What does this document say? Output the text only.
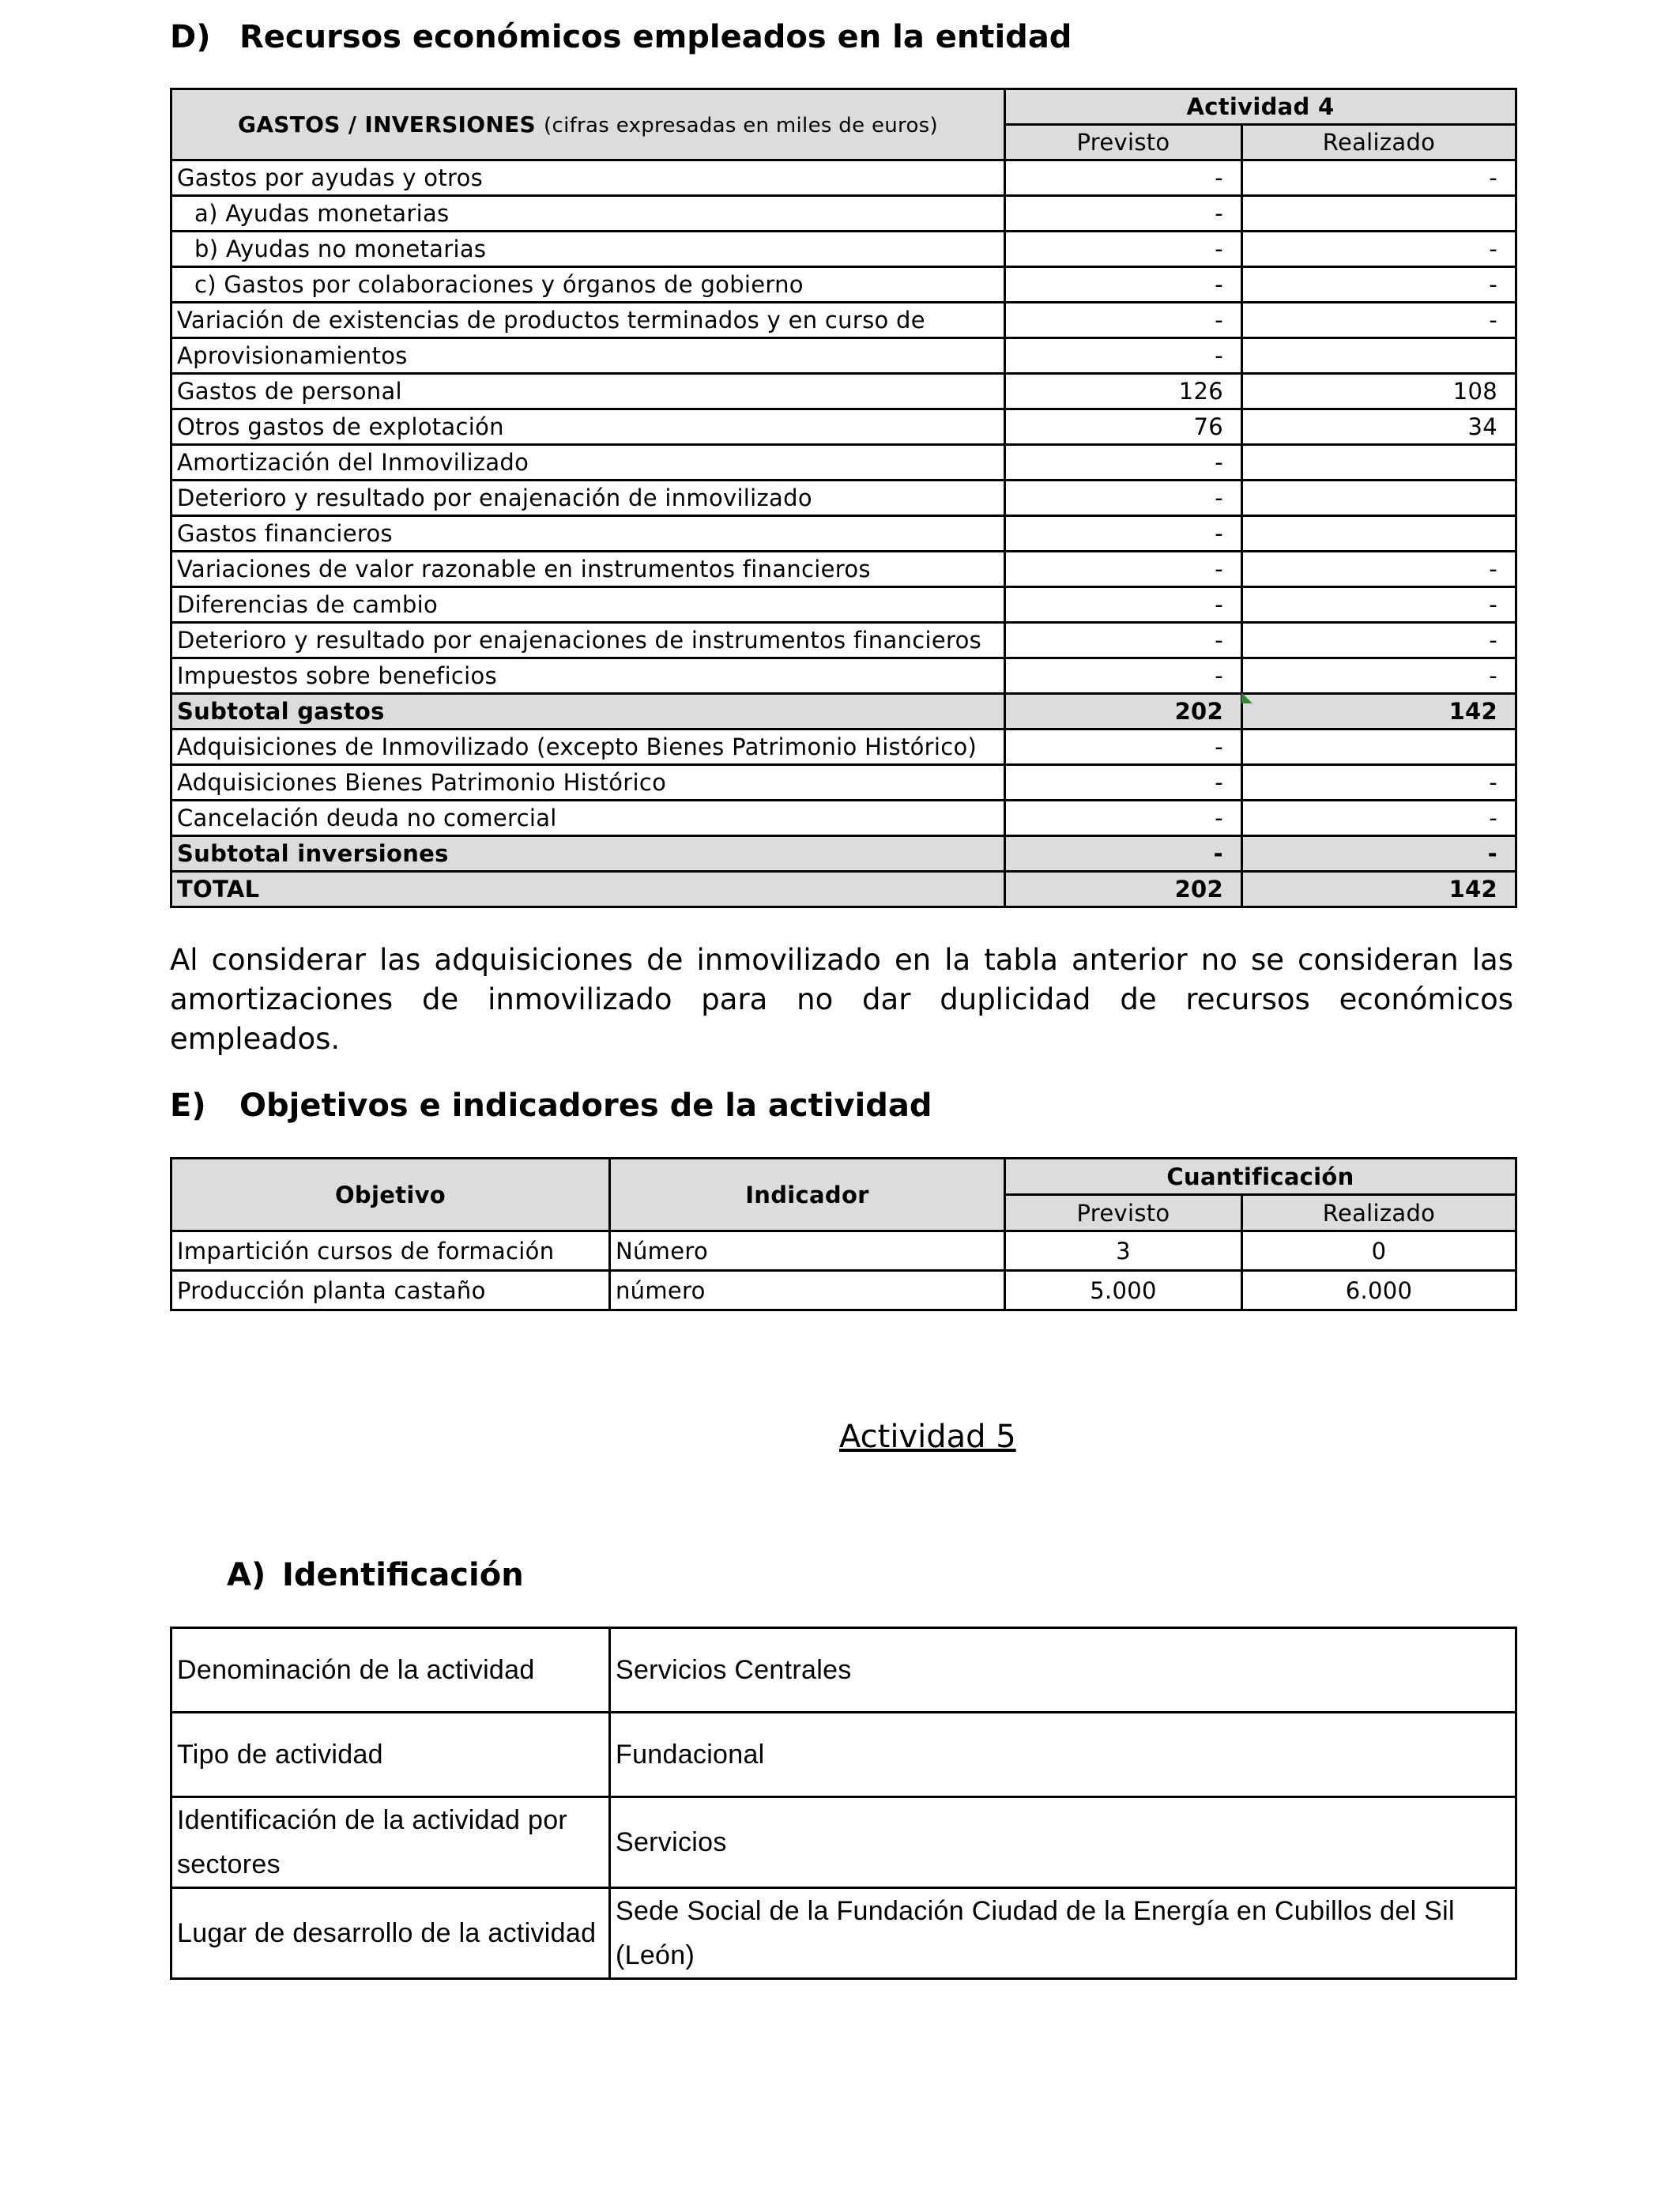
D) Recursos económicos empleados en la entidad
GASTOS / INVERSIONES (cifras expresadas en miles de euros)	Actividad 4	
	Previsto	Realizado
Gastos por ayudas y otros	-	-
a) Ayudas monetarias	-	
b) Ayudas no monetarias	-	-
c) Gastos por colaboraciones y órganos de gobierno	-	-
Variación de existencias de productos terminados y en curso de	-	-
Aprovisionamientos	-	
Gastos de personal	126	108
Otros gastos de explotación	76	34
Amortización del Inmovilizado	-	
Deterioro y resultado por enajenación de inmovilizado	-	
Gastos financieros	-	
Variaciones de valor razonable en instrumentos financieros	-	-
Diferencias de cambio	-	-
Deterioro y resultado por enajenaciones de instrumentos financieros	-	-
Impuestos sobre beneficios	-	-
Subtotal gastos	202	142
Adquisiciones de Inmovilizado (excepto Bienes Patrimonio Histórico)	-	
Adquisiciones Bienes Patrimonio Histórico	-	-
Cancelación deuda no comercial	-	-
Subtotal inversiones	-	-
TOTAL	202	142
Al considerar las adquisiciones de inmovilizado en la tabla anterior no se consideran las amortizaciones de inmovilizado para no dar duplicidad de recursos económicos empleados.
E) Objetivos e indicadores de la actividad
Objetivo	Indicador	Cuantificación	
		Previsto	Realizado
Impartición cursos de formación	Número	3	0
Producción planta castaño	número	5.000	6.000
Actividad 5
A) Identificación
Denominación de la actividad	Servicios Centrales
Tipo de actividad	Fundacional
Identificación de la actividad por sectores	Servicios
Lugar de desarrollo de la actividad	Sede Social de la Fundación Ciudad de la Energía en Cubillos del Sil (León)
